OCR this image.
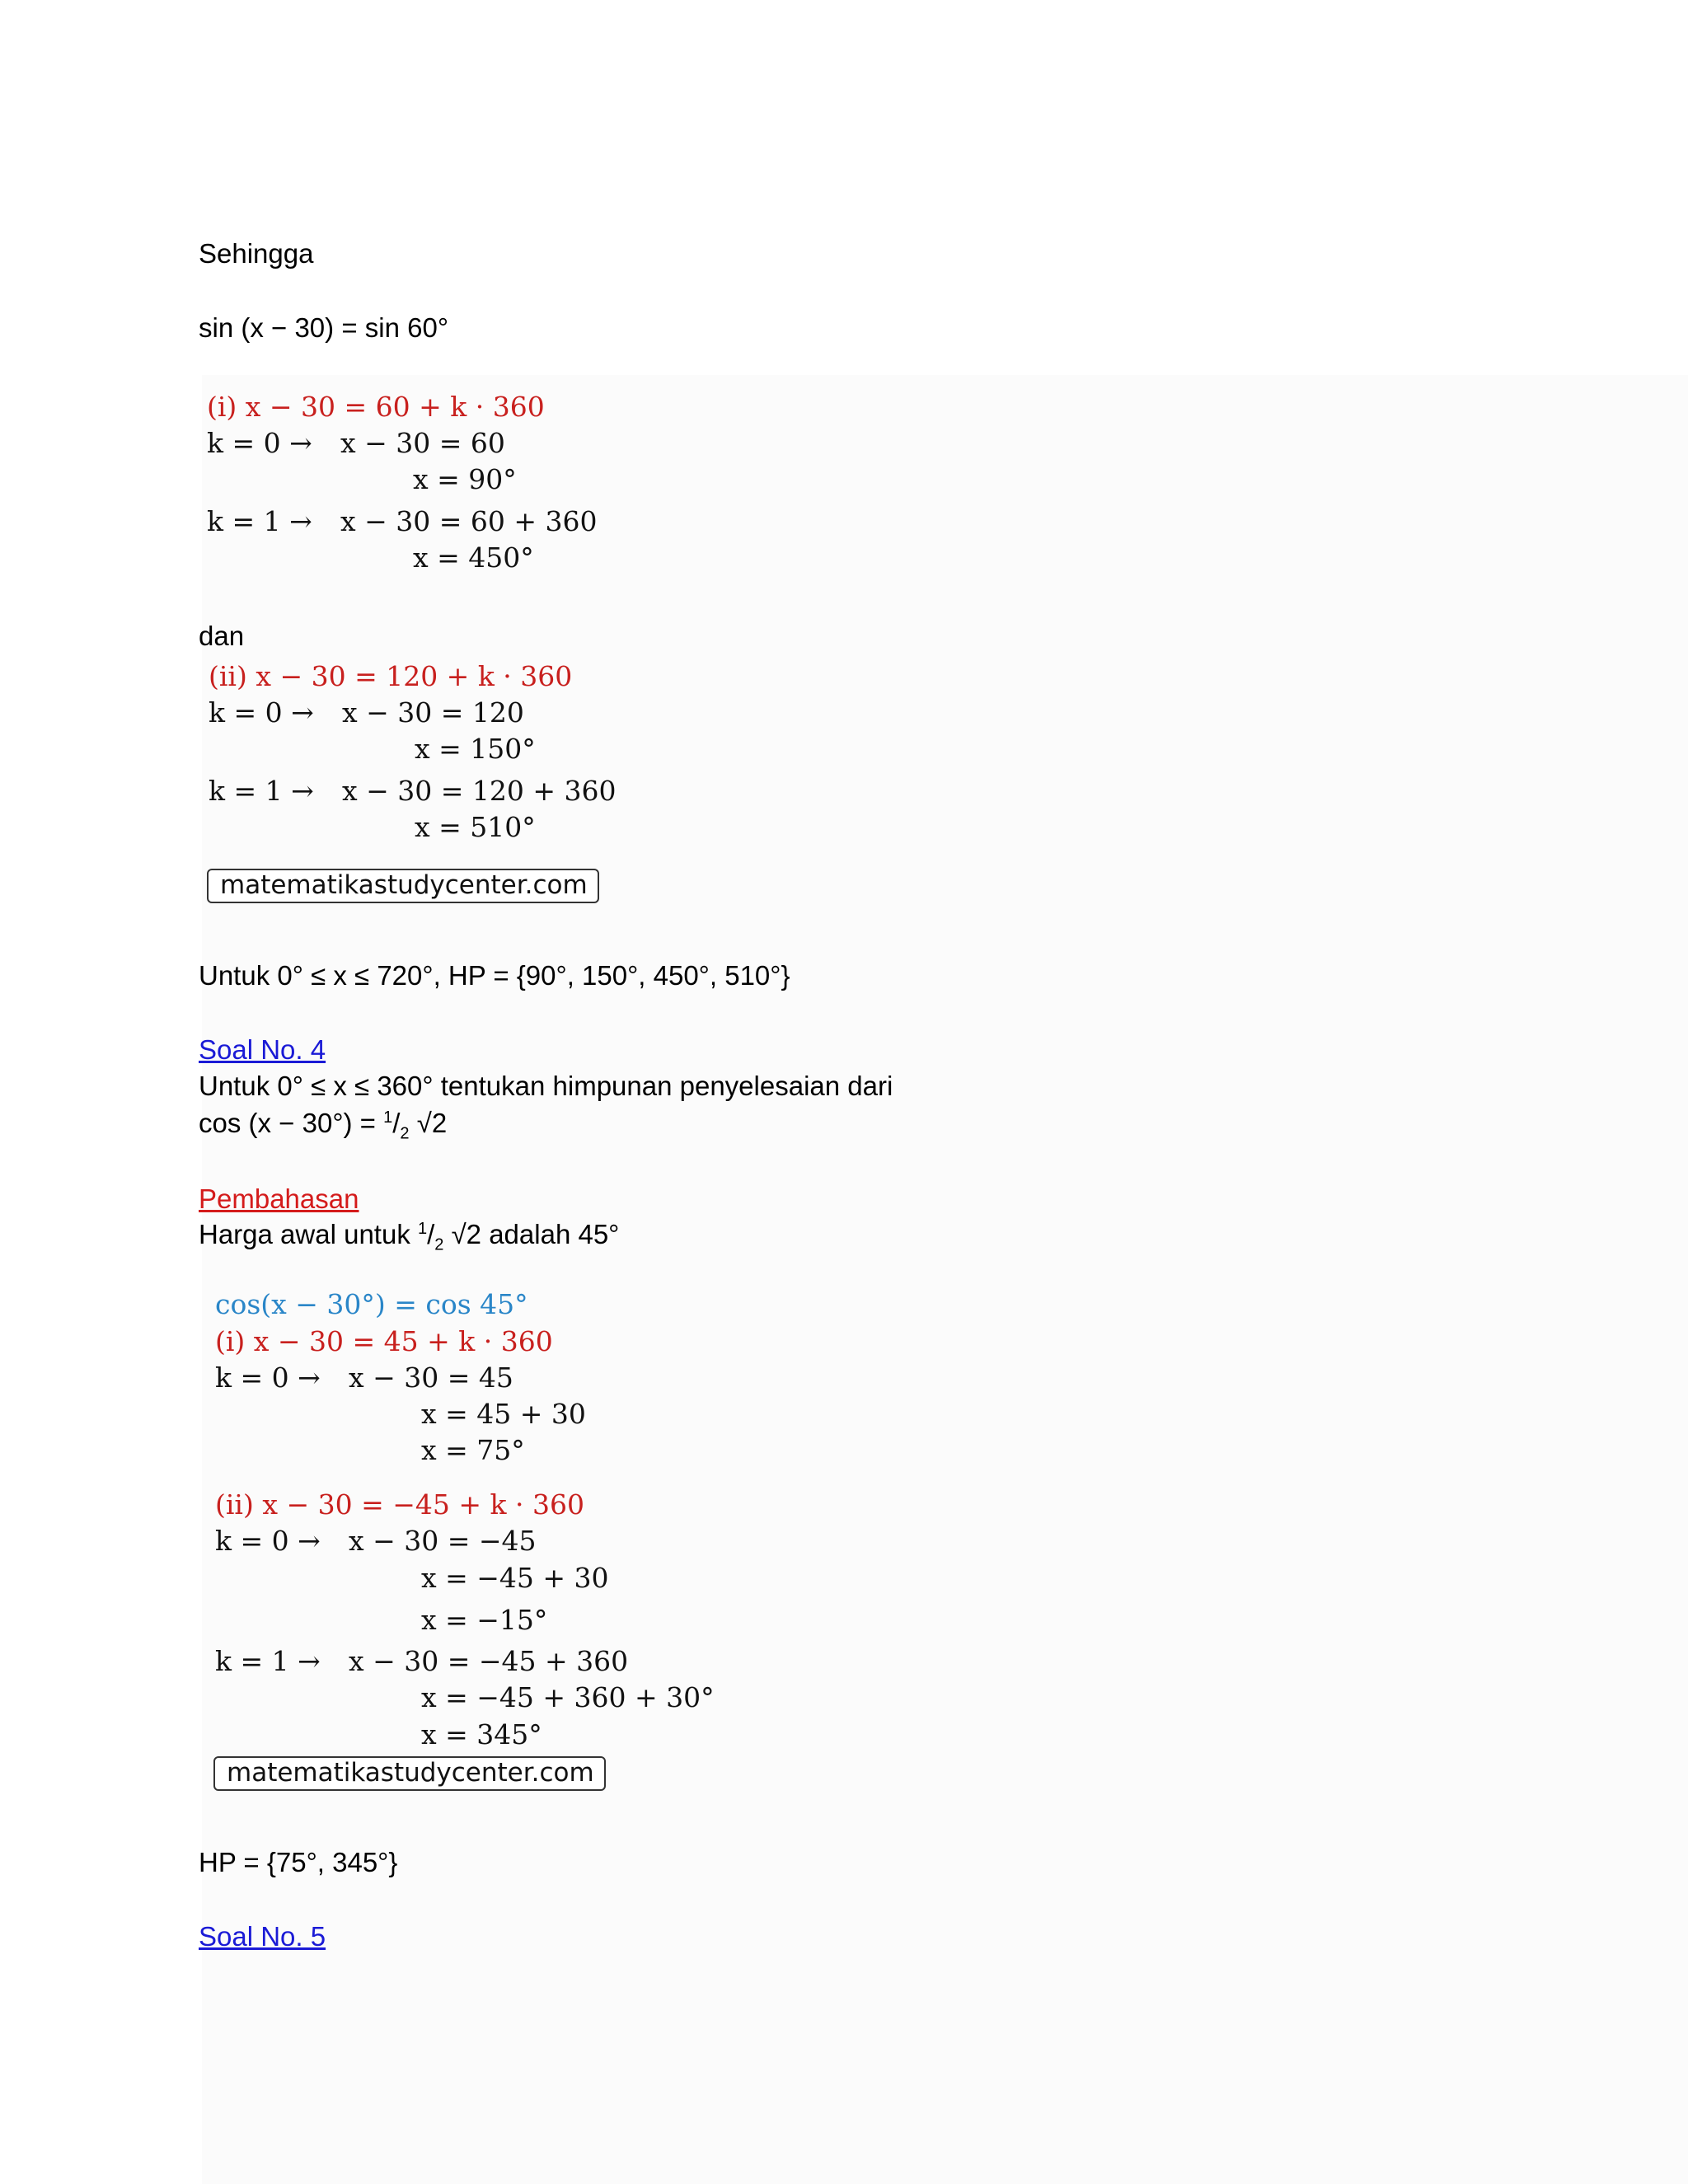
Sehingga
sin (x − 30) = sin 60°
(i) x − 30 = 60 + k · 360
k = 0 → x − 30 = 60
x = 90°
k = 1 → x − 30 = 60 + 360
x = 450°
dan
(ii) x − 30 = 120 + k · 360
k = 0 → x − 30 = 120
x = 150°
k = 1 → x − 30 = 120 + 360
x = 510°
matematikastudycenter.com
Untuk 0° ≤ x ≤ 720°, HP = {90°, 150°, 450°, 510°}
Soal No. 4
Untuk 0° ≤ x ≤ 360° tentukan himpunan penyelesaian dari
$\cos (x - 30^\circ) = ^1/_2$ √2
Pembahasan
Harga awal untuk $^1/_2$ √2 adalah 45°
cos(x − 30°) = cos 45°
(i) x − 30 = 45 + k · 360
k = 0 → x − 30 = 45
x = 45 + 30
x = 75°
(ii) x − 30 = −45 + k · 360
k = 0 → x − 30 = −45
x = −45 + 30
x = −15°
k = 1 → x − 30 = −45 + 360
x = −45 + 360 + 30°
x = 345°
matematikastudycenter.com
HP = {75°, 345°}
Soal No. 5
